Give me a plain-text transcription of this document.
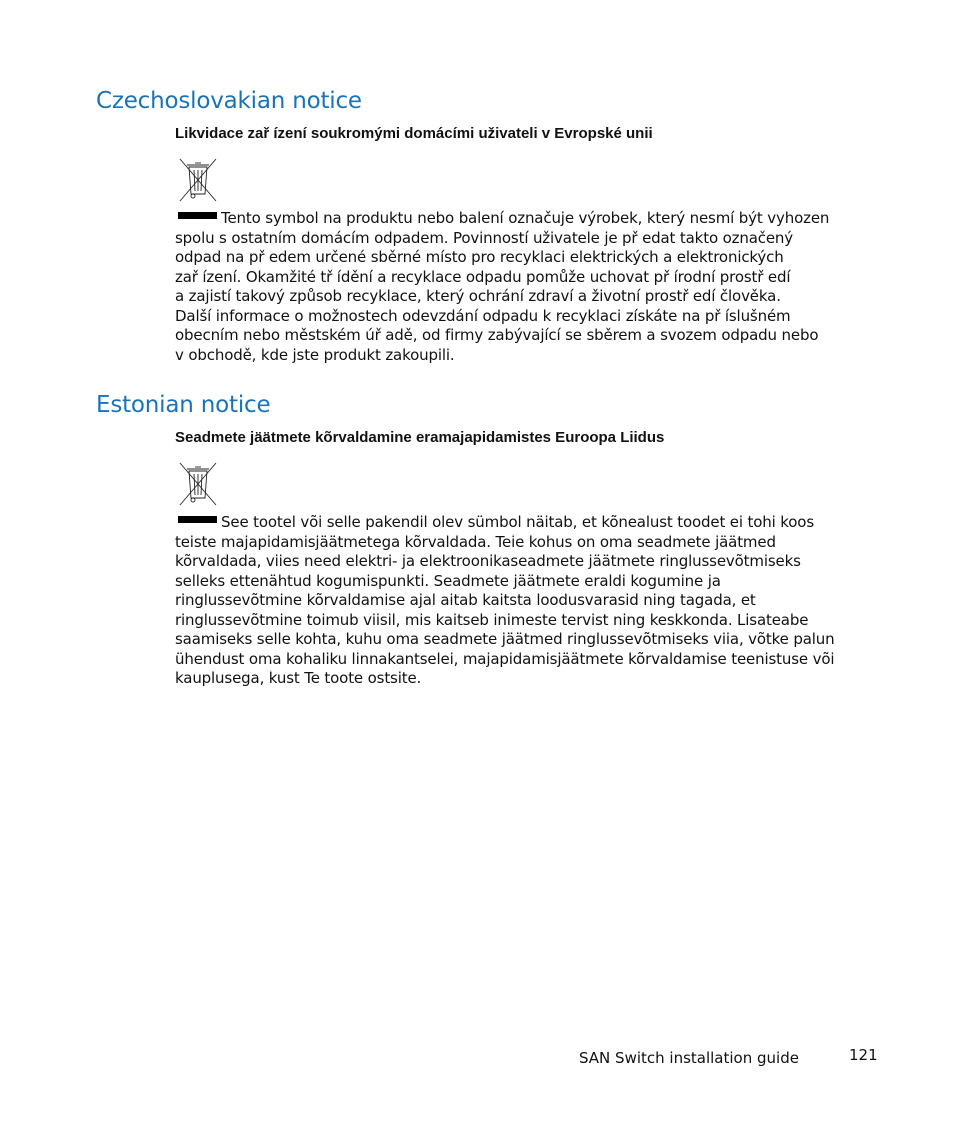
Czechoslovakian notice
Likvidace zař ízení soukromými domácími uživateli v Evropské unii
Tento symbol na produktu nebo balení označuje výrobek, který nesmí být vyhozen
spolu s ostatním domácím odpadem. Povinností uživatele je př edat takto označený
odpad na př edem určené sběrné místo pro recyklaci elektrických a elektronických
zař ízení. Okamžité tř ídění a recyklace odpadu pomůže uchovat př írodní prostř edí
a zajistí takový způsob recyklace, který ochrání zdraví a životní prostř edí člověka.
Další informace o možnostech odevzdání odpadu k recyklaci získáte na př íslušném
obecním nebo městském úř adě, od firmy zabývající se sběrem a svozem odpadu nebo
v obchodě, kde jste produkt zakoupili.
Estonian notice
Seadmete jäätmete kõrvaldamine eramajapidamistes Euroopa Liidus
See tootel või selle pakendil olev sümbol näitab, et kõnealust toodet ei tohi koos
teiste majapidamisjäätmetega kõrvaldada. Teie kohus on oma seadmete jäätmed
kõrvaldada, viies need elektri- ja elektroonikaseadmete jäätmete ringlussevõtmiseks
selleks ettenähtud kogumispunkti. Seadmete jäätmete eraldi kogumine ja
ringlussevõtmine kõrvaldamise ajal aitab kaitsta loodusvarasid ning tagada, et
ringlussevõtmine toimub viisil, mis kaitseb inimeste tervist ning keskkonda. Lisateabe
saamiseks selle kohta, kuhu oma seadmete jäätmed ringlussevõtmiseks viia, võtke palun
ühendust oma kohaliku linnakantselei, majapidamisjäätmete kõrvaldamise teenistuse või
kauplusega, kust Te toote ostsite.
SAN Switch installation guide	121
